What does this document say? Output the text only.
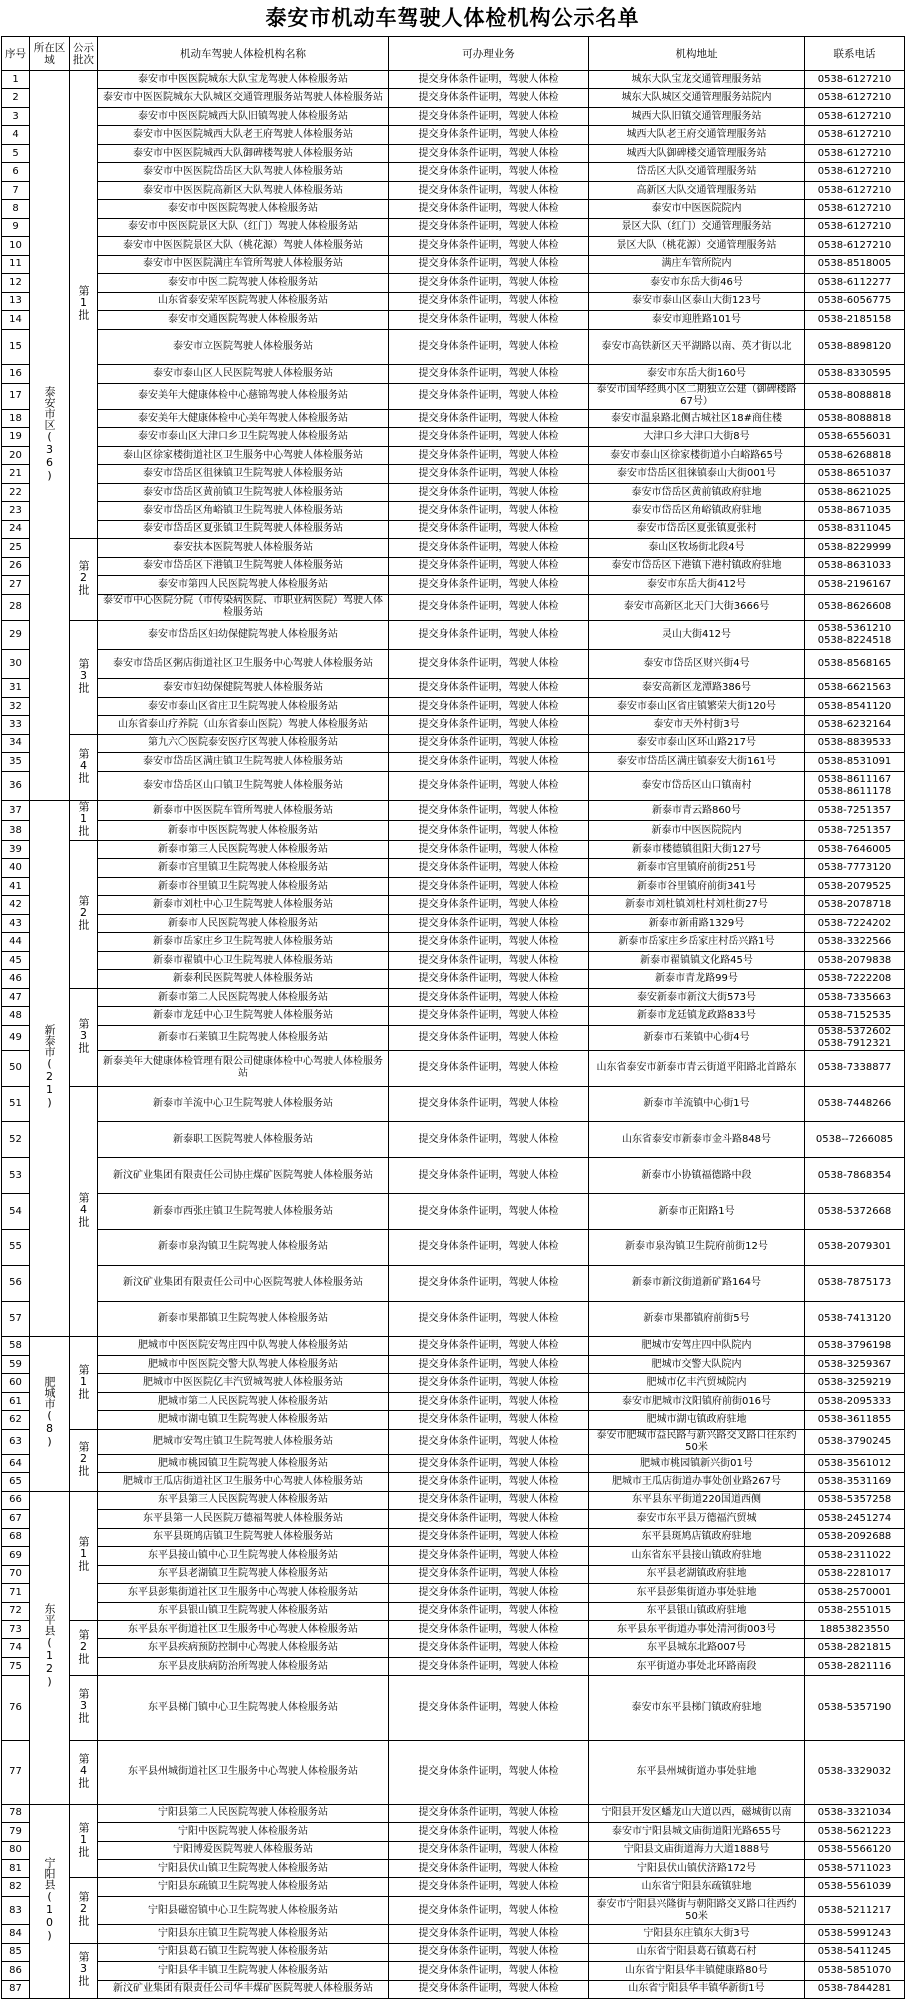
泰安市机动车驾驶人体检机构公示名单
序号	所在区域	公示批次	机动车驾驶人体检机构名称	可办理业务	机构地址	联系电话
1	泰安市区(36)	第1批	泰安市中医医院城东大队宝龙驾驶人体检服务站	提交身体条件证明，驾驶人体检	城东大队宝龙交通管理服务站	0538-6127210
2			泰安市中医医院城东大队城区交通管理服务站驾驶人体检服务站	提交身体条件证明，驾驶人体检	城东大队城区交通管理服务站院内	0538-6127210
3			泰安市中医医院城西大队旧镇驾驶人体检服务站	提交身体条件证明，驾驶人体检	城西大队旧镇交通管理服务站	0538-6127210
4			泰安市中医医院城西大队老王府驾驶人体检服务站	提交身体条件证明，驾驶人体检	城西大队老王府交通管理服务站	0538-6127210
5			泰安市中医医院城西大队御碑楼驾驶人体检服务站	提交身体条件证明，驾驶人体检	城西大队御碑楼交通管理服务站	0538-6127210
6			泰安市中医医院岱岳区大队驾驶人体检服务站	提交身体条件证明，驾驶人体检	岱岳区大队交通管理服务站	0538-6127210
7			泰安市中医医院高新区大队驾驶人体检服务站	提交身体条件证明，驾驶人体检	高新区大队交通管理服务站	0538-6127210
8			泰安市中医医院驾驶人体检服务站	提交身体条件证明，驾驶人体检	泰安市中医医院院内	0538-6127210
9			泰安市中医医院景区大队（红门）驾驶人体检服务站	提交身体条件证明，驾驶人体检	景区大队（红门）交通管理服务站	0538-6127210
10			泰安市中医医院景区大队（桃花源）驾驶人体检服务站	提交身体条件证明，驾驶人体检	景区大队（桃花源）交通管理服务站	0538-6127210
11			泰安市中医医院满庄车管所驾驶人体检服务站	提交身体条件证明，驾驶人体检	满庄车管所院内	0538-8518005
12			泰安市中医二院驾驶人体检服务站	提交身体条件证明，驾驶人体检	泰安市东岳大街46号	0538-6112277
13			山东省泰安荣军医院驾驶人体检服务站	提交身体条件证明，驾驶人体检	泰安市泰山区泰山大街123号	0538-6056775
14			泰安市交通医院驾驶人体检服务站	提交身体条件证明，驾驶人体检	泰安市迎胜路101号	0538-2185158
15			泰安市立医院驾驶人体检服务站	提交身体条件证明，驾驶人体检	泰安市高铁新区天平湖路以南、英才街以北	0538-8898120
16			泰安市泰山区人民医院驾驶人体检服务站	提交身体条件证明，驾驶人体检	泰安市东岳大街160号	0538-8330595
17			泰安美年大健康体检中心慈锦驾驶人体检服务站	提交身体条件证明，驾驶人体检	泰安市国华经典小区二期独立公建（御碑楼路67号）	0538-8088818
18			泰安美年大健康体检中心美年驾驶人体检服务站	提交身体条件证明，驾驶人体检	泰安市温泉路北侧古城社区18#商住楼	0538-8088818
19			泰安市泰山区大津口乡卫生院驾驶人体检服务站	提交身体条件证明，驾驶人体检	大津口乡大津口大街8号	0538-6556031
20			泰山区徐家楼街道社区卫生服务中心驾驶人体检服务站	提交身体条件证明，驾驶人体检	泰安市泰山区徐家楼街道小白峪路65号	0538-6268818
21			泰安市岱岳区徂徕镇卫生院驾驶人体检服务站	提交身体条件证明，驾驶人体检	泰安市岱岳区徂徕镇泰山大街001号	0538-8651037
22			泰安市岱岳区黄前镇卫生院驾驶人体检服务站	提交身体条件证明，驾驶人体检	泰安市岱岳区黄前镇政府驻地	0538-8621025
23			泰安市岱岳区角峪镇卫生院驾驶人体检服务站	提交身体条件证明，驾驶人体检	泰安市岱岳区角峪镇政府驻地	0538-8671035
24			泰安市岱岳区夏张镇卫生院驾驶人体检服务站	提交身体条件证明，驾驶人体检	泰安市岱岳区夏张镇夏张村	0538-8311045
25		第2批	泰安扶本医院驾驶人体检服务站	提交身体条件证明，驾驶人体检	泰山区牧场街北段4号	0538-8229999
26			泰安市岱岳区下港镇卫生院驾驶人体检服务站	提交身体条件证明，驾驶人体检	泰安市岱岳区下港镇下港村镇政府驻地	0538-8631033
27			泰安市第四人民医院驾驶人体检服务站	提交身体条件证明，驾驶人体检	泰安市东岳大街412号	0538-2196167
28			泰安市中心医院分院（市传染病医院、市职业病医院）驾驶人体检服务站	提交身体条件证明，驾驶人体检	泰安市高新区北天门大街3666号	0538-8626608
29		第3批	泰安市岱岳区妇幼保健院驾驶人体检服务站	提交身体条件证明，驾驶人体检	灵山大街412号	0538-5361210
0538-8224518
30			泰安市岱岳区粥店街道社区卫生服务中心驾驶人体检服务站	提交身体条件证明，驾驶人体检	泰安市岱岳区财兴街4号	0538-8568165
31			泰安市妇幼保健院驾驶人体检服务站	提交身体条件证明，驾驶人体检	泰安高新区龙潭路386号	0538-6621563
32			泰安市泰山区省庄卫生院驾驶人体检服务站	提交身体条件证明，驾驶人体检	泰安市泰山区省庄镇繁荣大街120号	0538-8541120
33			山东省泰山疗养院（山东省泰山医院）驾驶人体检服务站	提交身体条件证明，驾驶人体检	泰安市天外村街3号	0538-6232164
34		第4批	第九六〇医院泰安医疗区驾驶人体检服务站	提交身体条件证明，驾驶人体检	泰安市泰山区环山路217号	0538-8839533
35			泰安市岱岳区满庄镇卫生院驾驶人体检服务站	提交身体条件证明，驾驶人体检	泰安市岱岳区满庄镇泰安大街161号	0538-8531091
36			泰安市岱岳区山口镇卫生院驾驶人体检服务站	提交身体条件证明，驾驶人体检	泰安市岱岳区山口镇南村	0538-8611167
0538-8611178
37	新泰市(21)	第1批	新泰市中医医院车管所驾驶人体检服务站	提交身体条件证明，驾驶人体检	新泰市青云路860号	0538-7251357
38			新泰市中医医院驾驶人体检服务站	提交身体条件证明，驾驶人体检	新泰市中医医院院内	0538-7251357
39		第2批	新泰市第三人民医院驾驶人体检服务站	提交身体条件证明，驾驶人体检	新泰市楼德镇徂阳大街127号	0538-7646005
40			新泰市宫里镇卫生院驾驶人体检服务站	提交身体条件证明，驾驶人体检	新泰市宫里镇府前街251号	0538-7773120
41			新泰市谷里镇卫生院驾驶人体检服务站	提交身体条件证明，驾驶人体检	新泰市谷里镇府前街341号	0538-2079525
42			新泰市刘杜中心卫生院驾驶人体检服务站	提交身体条件证明，驾驶人体检	新泰市刘杜镇刘杜村刘杜街27号	0538-2078718
43			新泰市人民医院驾驶人体检服务站	提交身体条件证明，驾驶人体检	新泰市新甫路1329号	0538-7224202
44			新泰市岳家庄乡卫生院驾驶人体检服务站	提交身体条件证明，驾驶人体检	新泰市岳家庄乡岳家庄村岳兴路1号	0538-3322566
45			新泰市翟镇中心卫生院驾驶人体检服务站	提交身体条件证明，驾驶人体检	新泰市翟镇镇文化路45号	0538-2079838
46			新泰利民医院驾驶人体检服务站	提交身体条件证明，驾驶人体检	新泰市青龙路99号	0538-7222208
47		第3批	新泰市第二人民医院驾驶人体检服务站	提交身体条件证明，驾驶人体检	泰安新泰市新汶大街573号	0538-7335663
48			新泰市龙廷中心卫生院驾驶人体检服务站	提交身体条件证明，驾驶人体检	新泰市龙廷镇龙政路833号	0538-7152535
49			新泰市石莱镇卫生院驾驶人体检服务站	提交身体条件证明，驾驶人体检	新泰市石莱镇中心街4号	0538-5372602
0538-7912321
50			新泰美年大健康体检管理有限公司健康体检中心驾驶人体检服务站	提交身体条件证明，驾驶人体检	山东省泰安市新泰市青云街道平阳路北首路东	0538-7338877
51		第4批	新泰市羊流中心卫生院驾驶人体检服务站	提交身体条件证明，驾驶人体检	新泰市羊流镇中心街1号	0538-7448266
52			新泰职工医院驾驶人体检服务站	提交身体条件证明，驾驶人体检	山东省泰安市新泰市金斗路848号	0538--7266085
53			新汶矿业集团有限责任公司协庄煤矿医院驾驶人体检服务站	提交身体条件证明，驾驶人体检	新泰市小协镇福德路中段	0538-7868354
54			新泰市西张庄镇卫生院驾驶人体检服务站	提交身体条件证明，驾驶人体检	新泰市正阳路1号	0538-5372668
55			新泰市泉沟镇卫生院驾驶人体检服务站	提交身体条件证明，驾驶人体检	新泰市泉沟镇卫生院府前街12号	0538-2079301
56			新汶矿业集团有限责任公司中心医院驾驶人体检服务站	提交身体条件证明，驾驶人体检	新泰市新汶街道新矿路164号	0538-7875173
57			新泰市果都镇卫生院驾驶人体检服务站	提交身体条件证明，驾驶人体检	新泰市果都镇府前街5号	0538-7413120
58	肥城市(8)	第1批	肥城市中医医院安驾庄四中队驾驶人体检服务站	提交身体条件证明，驾驶人体检	肥城市安驾庄四中队院内	0538-3796198
59			肥城市中医医院交警大队驾驶人体检服务站	提交身体条件证明，驾驶人体检	肥城市交警大队院内	0538-3259367
60			肥城市中医医院亿丰汽贸城驾驶人体检服务站	提交身体条件证明，驾驶人体检	肥城市亿丰汽贸城院内	0538-3259219
61			肥城市第二人民医院驾驶人体检服务站	提交身体条件证明，驾驶人体检	泰安市肥城市汶阳镇府前街016号	0538-2095333
62			肥城市湖屯镇卫生院驾驶人体检服务站	提交身体条件证明，驾驶人体检	肥城市湖屯镇政府驻地	0538-3611855
63		第2批	肥城市安驾庄镇卫生院驾驶人体检服务站	提交身体条件证明，驾驶人体检	泰安市肥城市益民路与新兴路交叉路口往东约50米	0538-3790245
64			肥城市桃园镇卫生院驾驶人体检服务站	提交身体条件证明，驾驶人体检	肥城市桃园镇新兴街01号	0538-3561012
65			肥城市王瓜店街道社区卫生服务中心驾驶人体检服务站	提交身体条件证明，驾驶人体检	肥城市王瓜店街道办事处创业路267号	0538-3531169
66	东平县(12)	第1批	东平县第三人民医院驾驶人体检服务站	提交身体条件证明，驾驶人体检	东平县东平街道220国道西侧	0538-5357258
67			东平县第一人民医院万德福驾驶人体检服务站	提交身体条件证明，驾驶人体检	泰安市东平县万德福汽贸城	0538-2451274
68			东平县斑鸠店镇卫生院驾驶人体检服务站	提交身体条件证明，驾驶人体检	东平县斑鸠店镇政府驻地	0538-2092688
69			东平县接山镇中心卫生院驾驶人体检服务站	提交身体条件证明，驾驶人体检	山东省东平县接山镇政府驻地	0538-2311022
70			东平县老湖镇卫生院驾驶人体检服务站	提交身体条件证明，驾驶人体检	东平县老湖镇政府驻地	0538-2281017
71			东平县彭集街道社区卫生服务中心驾驶人体检服务站	提交身体条件证明，驾驶人体检	东平县彭集街道办事处驻地	0538-2570001
72			东平县银山镇卫生院驾驶人体检服务站	提交身体条件证明，驾驶人体检	东平县银山镇政府驻地	0538-2551015
73		第2批	东平县东平街道社区卫生服务中心驾驶人体检服务站	提交身体条件证明，驾驶人体检	东平县东平街道办事处清河街003号	18853823550
74			东平县疾病预防控制中心驾驶人体检服务站	提交身体条件证明，驾驶人体检	东平县城东北路007号	0538-2821815
75			东平县皮肤病防治所驾驶人体检服务站	提交身体条件证明，驾驶人体检	东平街道办事处北环路南段	0538-2821116
76		第3批	东平县梯门镇中心卫生院驾驶人体检服务站	提交身体条件证明，驾驶人体检	泰安市东平县梯门镇政府驻地	0538-5357190
77		第4批	东平县州城街道社区卫生服务中心驾驶人体检服务站	提交身体条件证明，驾驶人体检	东平县州城街道办事处驻地	0538-3329032
78	宁阳县(10)	第1批	宁阳县第二人民医院驾驶人体检服务站	提交身体条件证明，驾驶人体检	宁阳县开发区蟠龙山大道以西，磁城街以南	0538-3321034
79			宁阳中医院驾驶人体检服务站	提交身体条件证明，驾驶人体检	泰安市宁阳县城文庙街道阳光路655号	0538-5621223
80			宁阳博爱医院驾驶人体检服务站	提交身体条件证明，驾驶人体检	宁阳县文庙街道海力大道1888号	0538-5566120
81			宁阳县伏山镇卫生院驾驶人体检服务站	提交身体条件证明，驾驶人体检	宁阳县伏山镇伏济路172号	0538-5711023
82		第2批	宁阳县东疏镇卫生院驾驶人体检服务站	提交身体条件证明，驾驶人体检	山东省宁阳县东疏镇驻地	0538-5561039
83			宁阳县磁窑镇中心卫生院驾驶人体检服务站	提交身体条件证明，驾驶人体检	泰安市宁阳县兴隆街与朝阳路交叉路口往西约50米	0538-5211217
84			宁阳县东庄镇卫生院驾驶人体检服务站	提交身体条件证明，驾驶人体检	宁阳县东庄镇东大街3号	0538-5991243
85		第3批	宁阳县葛石镇卫生院驾驶人体检服务站	提交身体条件证明，驾驶人体检	山东省宁阳县葛石镇葛石村	0538-5411245
86			宁阳县华丰镇卫生院驾驶人体检服务站	提交身体条件证明，驾驶人体检	山东省宁阳县华丰镇健康路80号	0538-5851070
87			新汶矿业集团有限责任公司华丰煤矿医院驾驶人体检服务站	提交身体条件证明，驾驶人体检	山东省宁阳县华丰镇华新街1号	0538-7844281
